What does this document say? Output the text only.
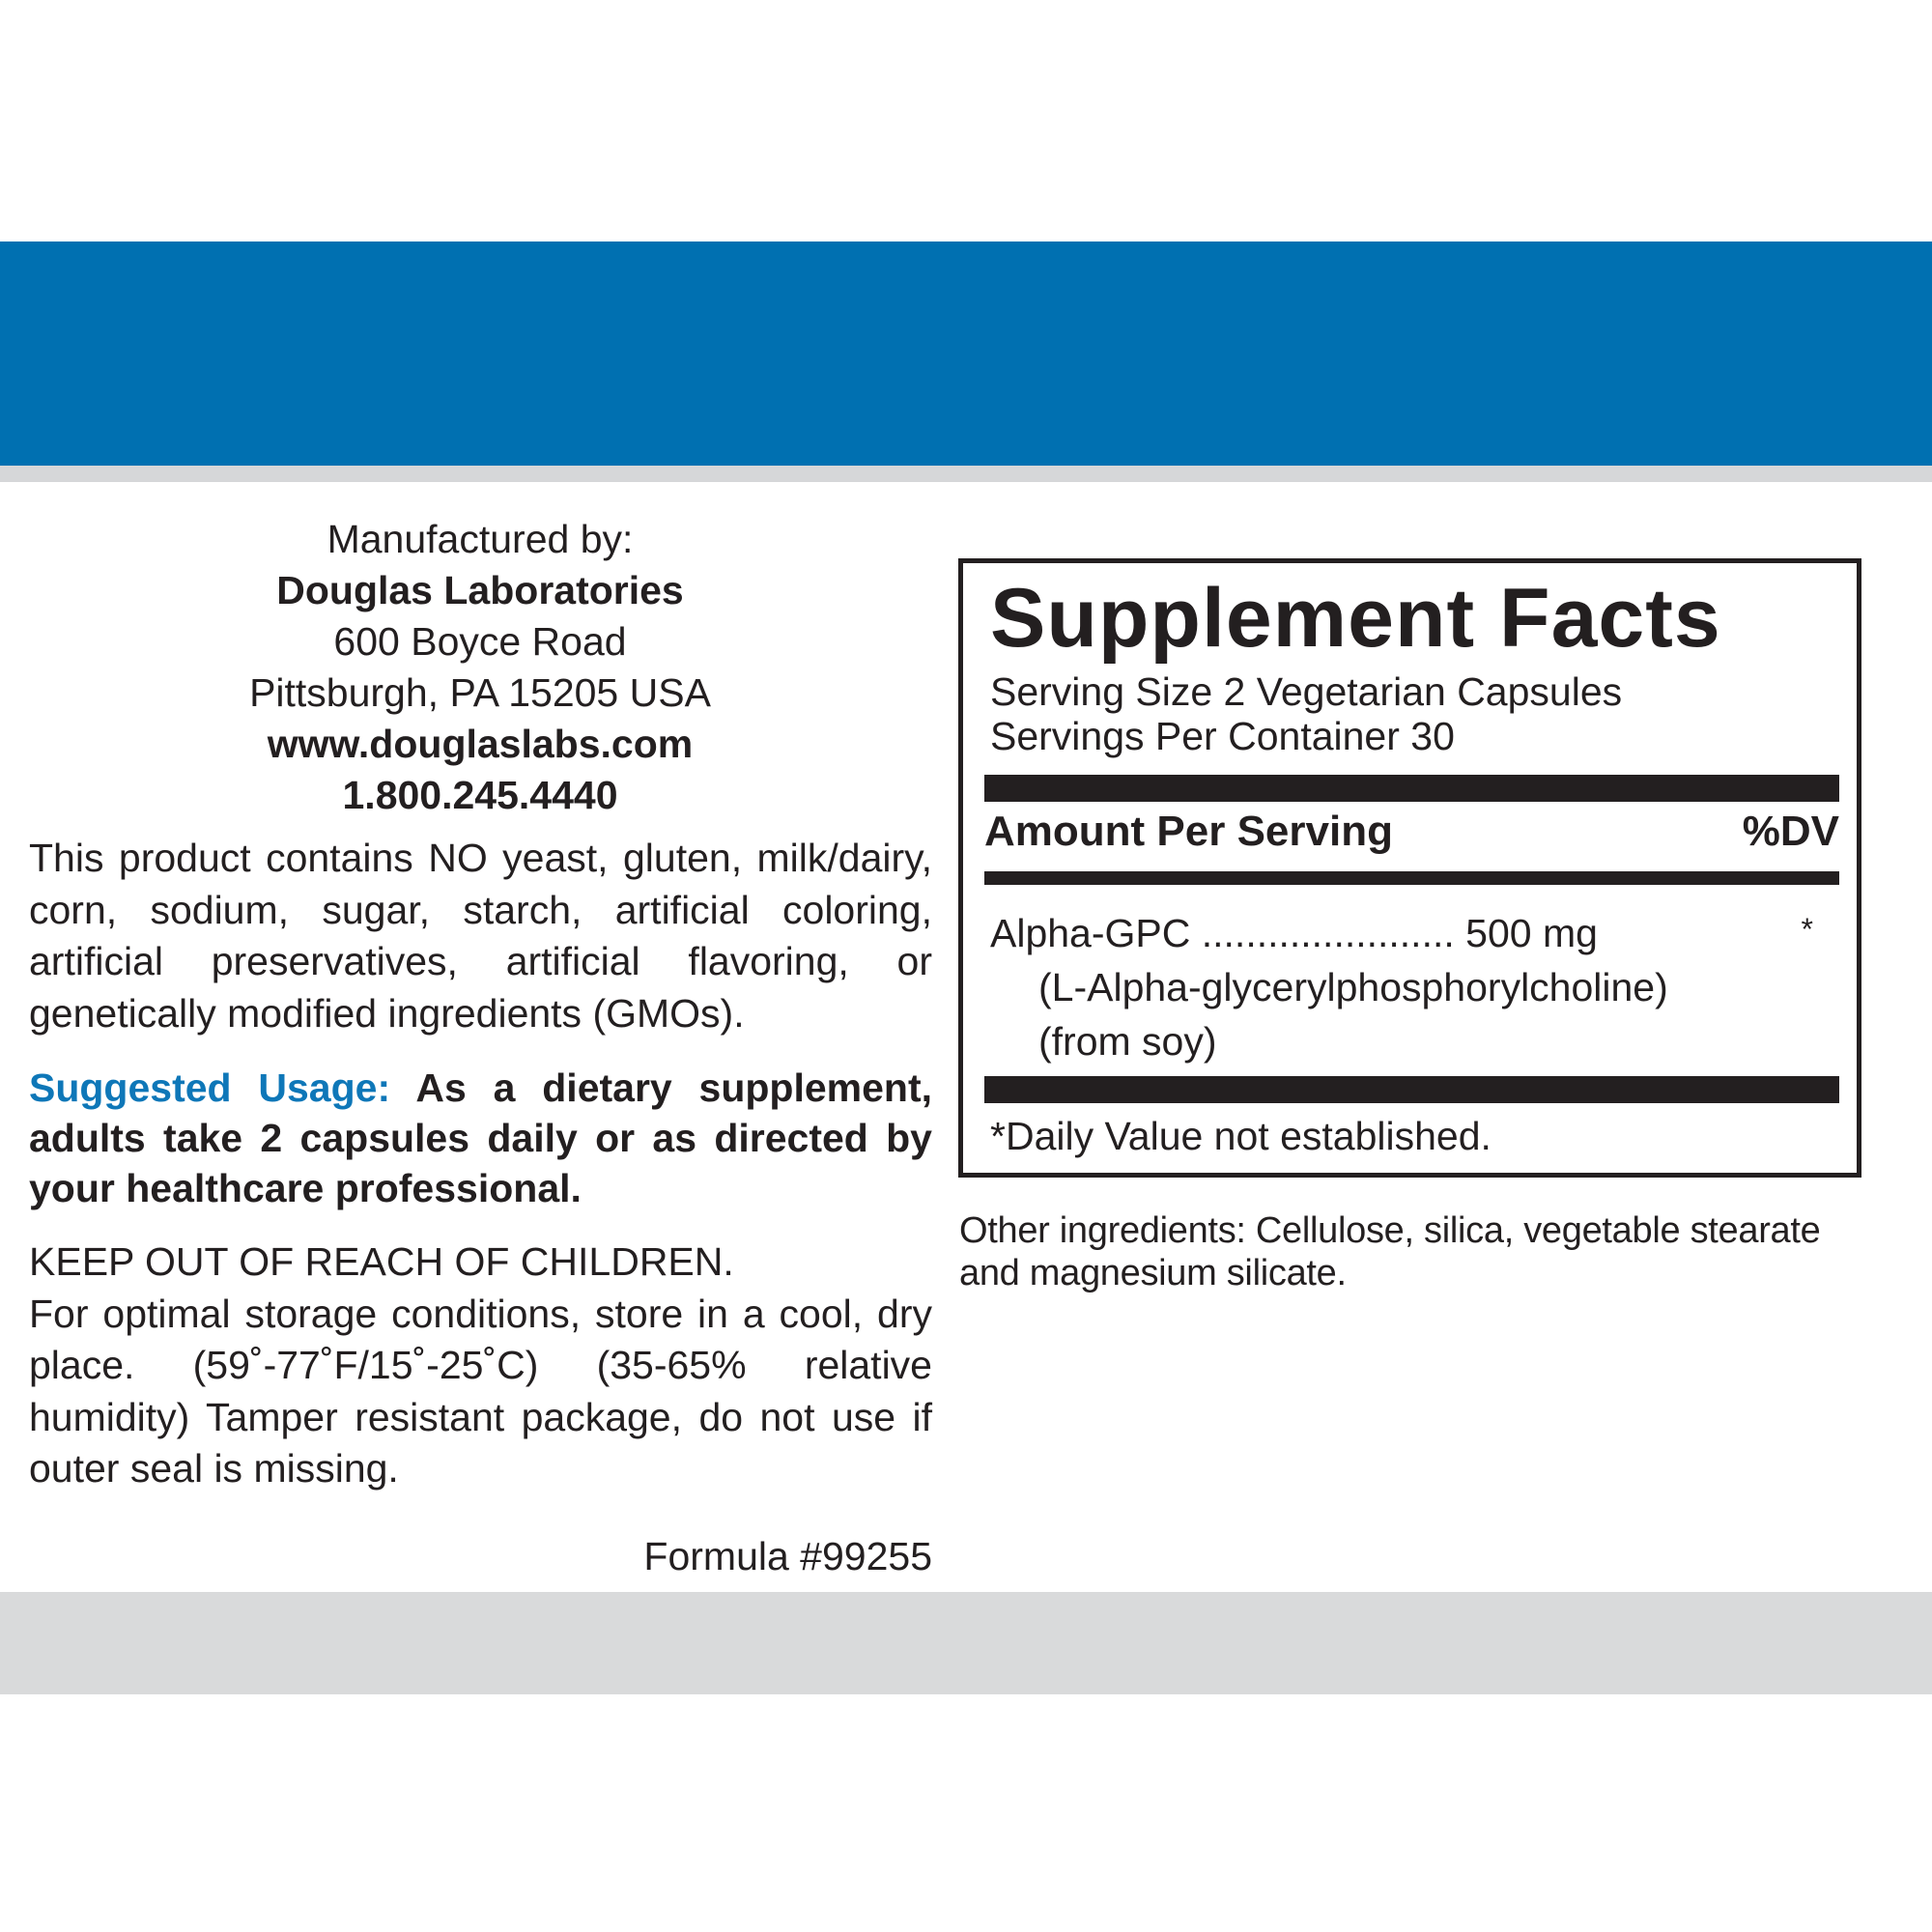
Manufactured by:
Douglas Laboratories
600 Boyce Road
Pittsburgh, PA 15205 USA
www.douglaslabs.com
1.800.245.4440
This product contains NO yeast, gluten, milk/dairy, corn, sodium, sugar, starch, artificial coloring, artificial preservatives, artificial flavoring, or genetically modified ingredients (GMOs).
Suggested Usage: As a dietary supplement, adults take 2 capsules daily or as directed by your healthcare professional.
KEEP OUT OF REACH OF CHILDREN.
For optimal storage conditions, store in a cool, dry place. (59˚-77˚F/15˚-25˚C) (35-65% relative humidity) Tamper resistant package, do not use if outer seal is missing.
Formula #99255
Supplement Facts
Serving Size 2 Vegetarian Capsules
Servings Per Container 30
Amount Per Serving	%DV
Alpha-GPC ....................... 500 mg	*
(L-Alpha-glycerylphosphorylcholine)
(from soy)
*Daily Value not established.
Other ingredients: Cellulose, silica, vegetable stearate and magnesium silicate.
